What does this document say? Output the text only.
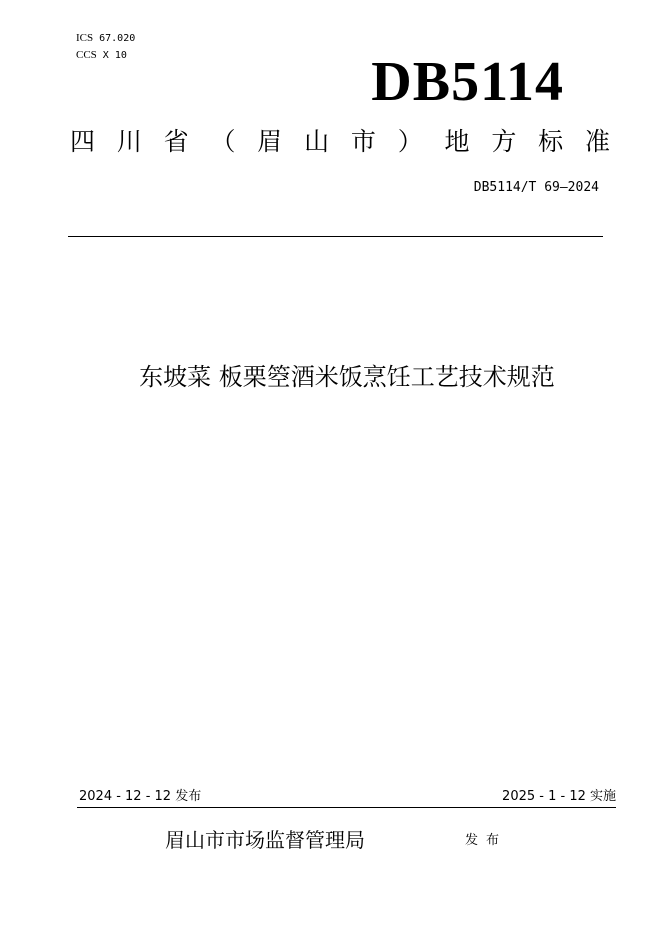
ICS 67.020
CCS X 10	DB5114
四 川 省 （ 眉 山 市 ） 地 方 标 准
DB5114/T 69—2024
东坡菜 板栗箜酒米饭烹饪工艺技术规范
2024 - 12 - 12 发布	2025 - 1 - 12 实施
眉山市市场监督管理局	发布
